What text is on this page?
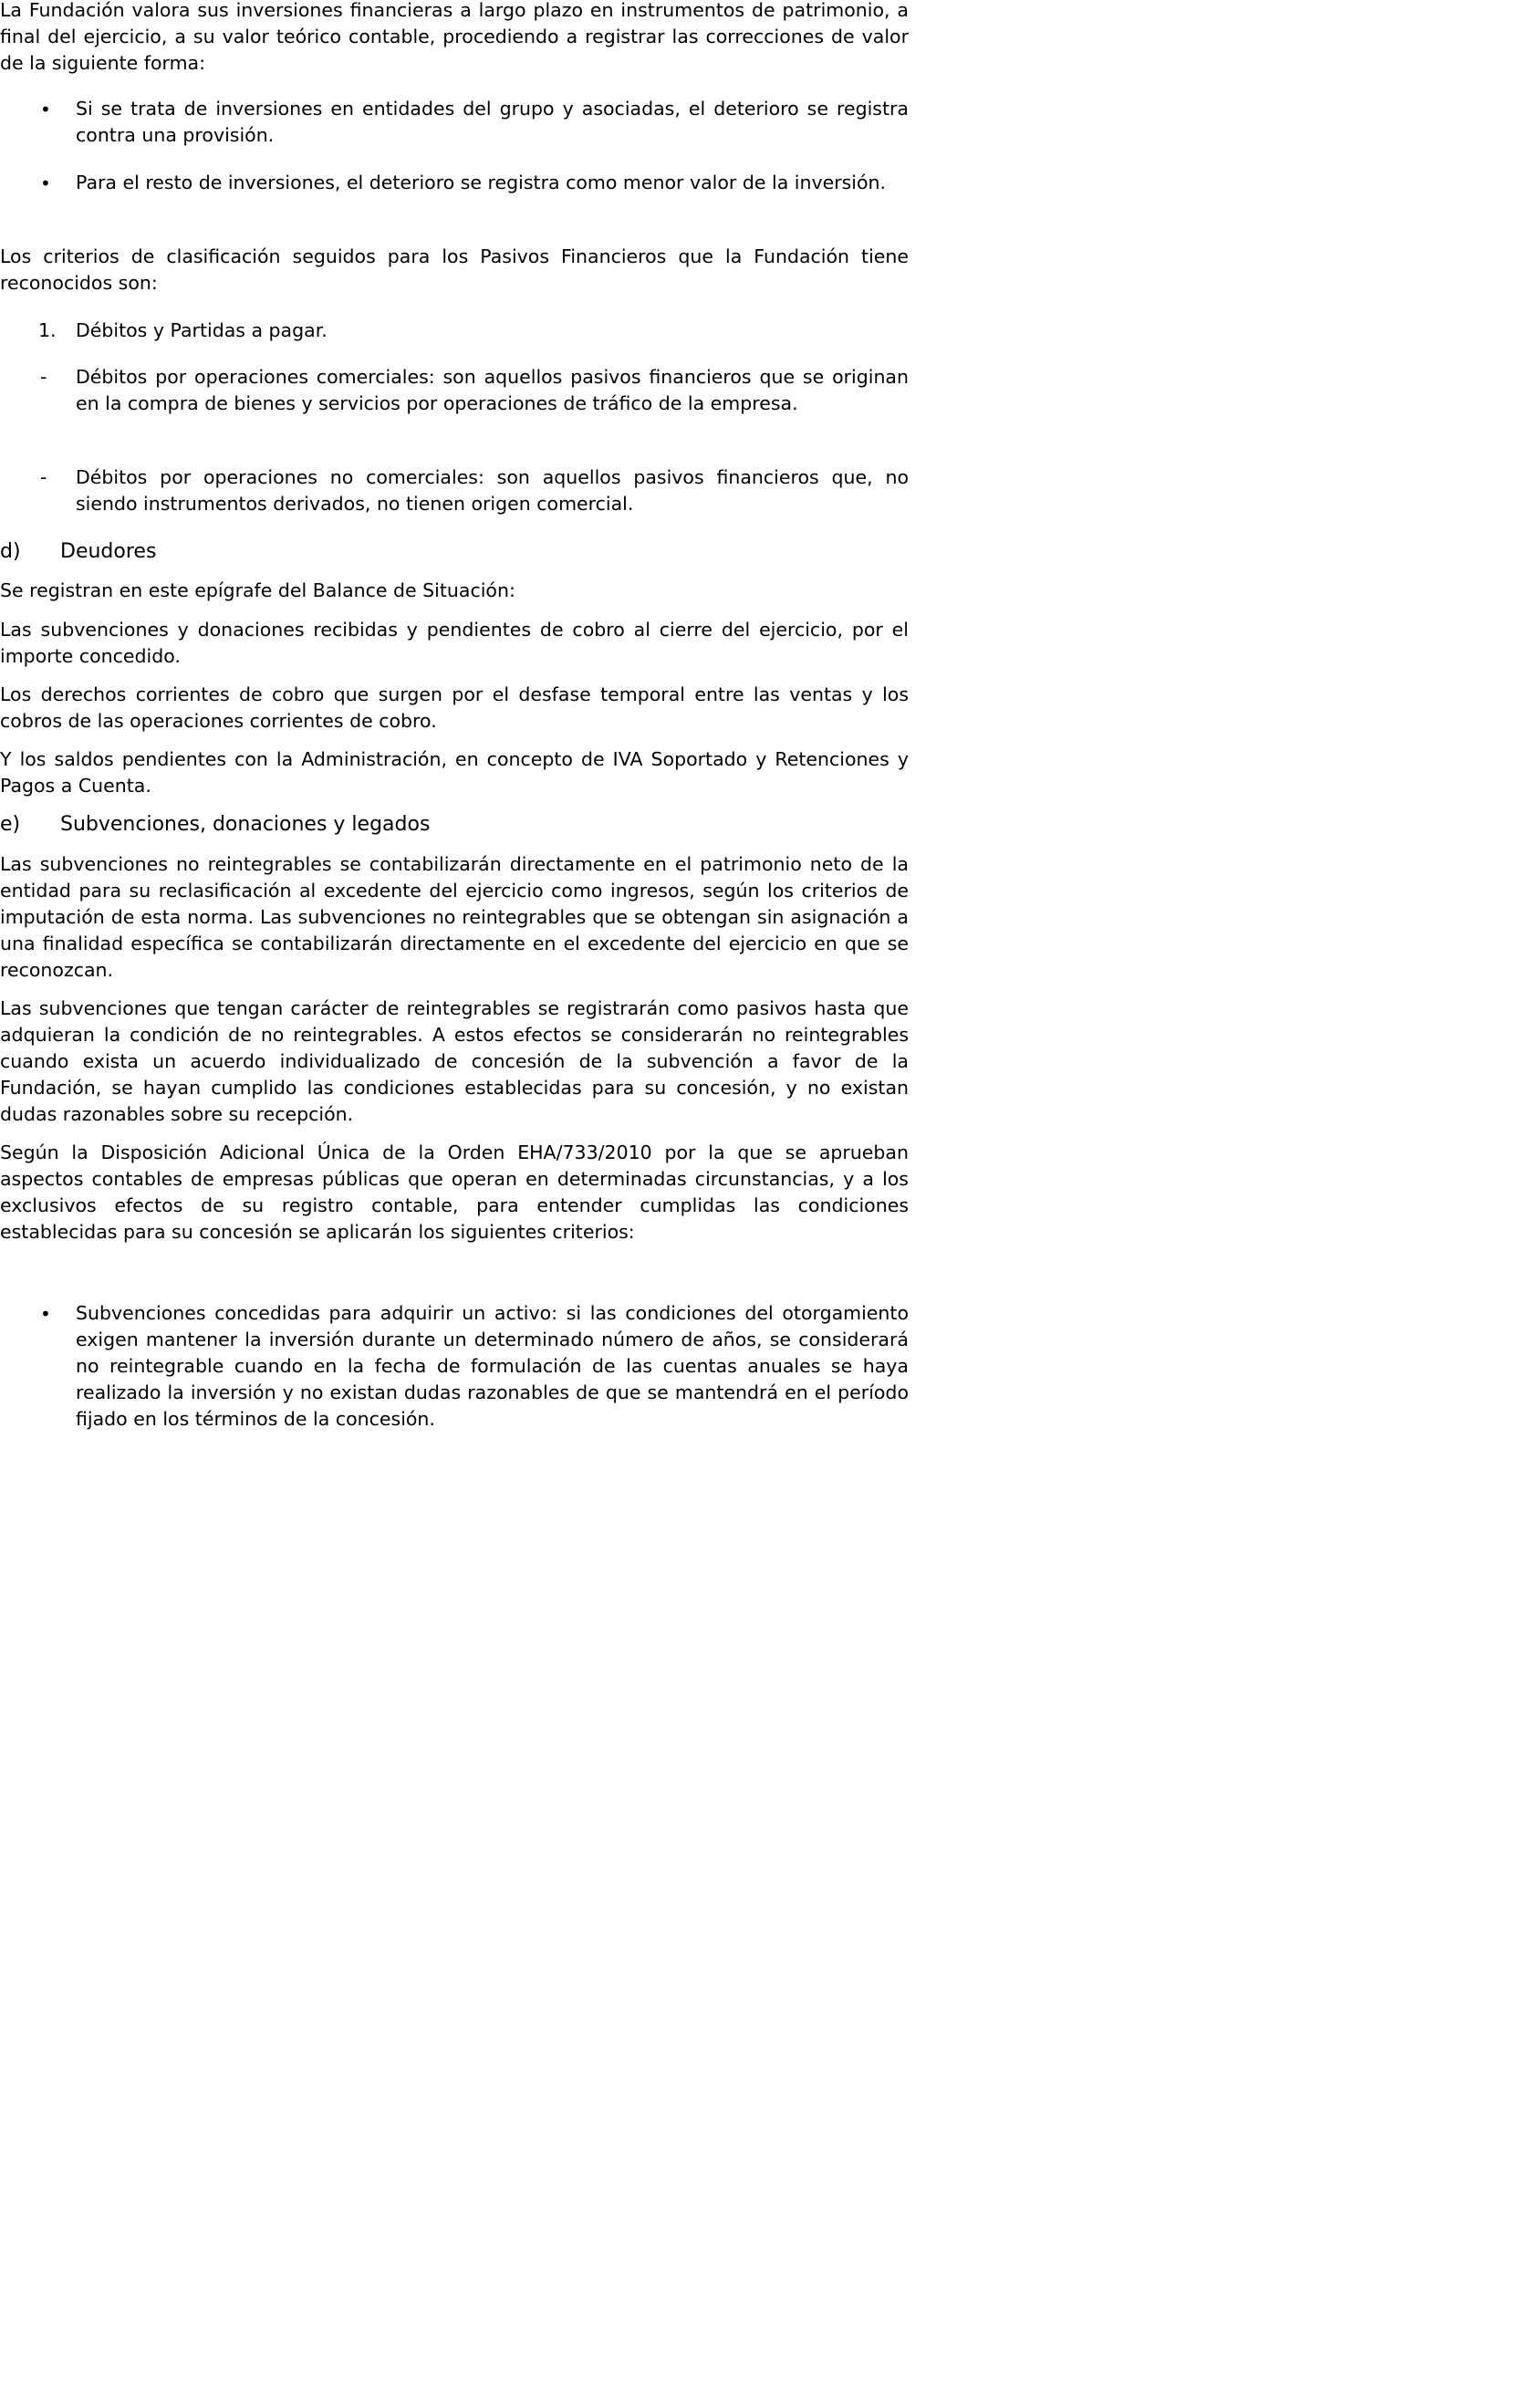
La Fundación valora sus inversiones financieras a largo plazo en instrumentos de patrimonio, a final del ejercicio, a su valor teórico contable, procediendo a registrar las correcciones de valor de la siguiente forma:
• Si se trata de inversiones en entidades del grupo y asociadas, el deterioro se registra contra una provisión.
• Para el resto de inversiones, el deterioro se registra como menor valor de la inversión.
Los criterios de clasificación seguidos para los Pasivos Financieros que la Fundación tiene reconocidos son:
1. Débitos y Partidas a pagar.
- Débitos por operaciones comerciales: son aquellos pasivos financieros que se originan en la compra de bienes y servicios por operaciones de tráfico de la empresa.
- Débitos por operaciones no comerciales: son aquellos pasivos financieros que, no siendo instrumentos derivados, no tienen origen comercial.
d) Deudores
Se registran en este epígrafe del Balance de Situación:
Las subvenciones y donaciones recibidas y pendientes de cobro al cierre del ejercicio, por el importe concedido.
Los derechos corrientes de cobro que surgen por el desfase temporal entre las ventas y los cobros de las operaciones corrientes de cobro.
Y los saldos pendientes con la Administración, en concepto de IVA Soportado y Retenciones y Pagos a Cuenta.
e) Subvenciones, donaciones y legados
Las subvenciones no reintegrables se contabilizarán directamente en el patrimonio neto de la entidad para su reclasificación al excedente del ejercicio como ingresos, según los criterios de imputación de esta norma. Las subvenciones no reintegrables que se obtengan sin asignación a una finalidad específica se contabilizarán directamente en el excedente del ejercicio en que se reconozcan.
Las subvenciones que tengan carácter de reintegrables se registrarán como pasivos hasta que adquieran la condición de no reintegrables. A estos efectos se considerarán no reintegrables cuando exista un acuerdo individualizado de concesión de la subvención a favor de la Fundación, se hayan cumplido las condiciones establecidas para su concesión, y no existan dudas razonables sobre su recepción.
Según la Disposición Adicional Única de la Orden EHA/733/2010 por la que se aprueban aspectos contables de empresas públicas que operan en determinadas circunstancias, y a los exclusivos efectos de su registro contable, para entender cumplidas las condiciones establecidas para su concesión se aplicarán los siguientes criterios:
• Subvenciones concedidas para adquirir un activo: si las condiciones del otorgamiento exigen mantener la inversión durante un determinado número de años, se considerará no reintegrable cuando en la fecha de formulación de las cuentas anuales se haya realizado la inversión y no existan dudas razonables de que se mantendrá en el período fijado en los términos de la concesión.
